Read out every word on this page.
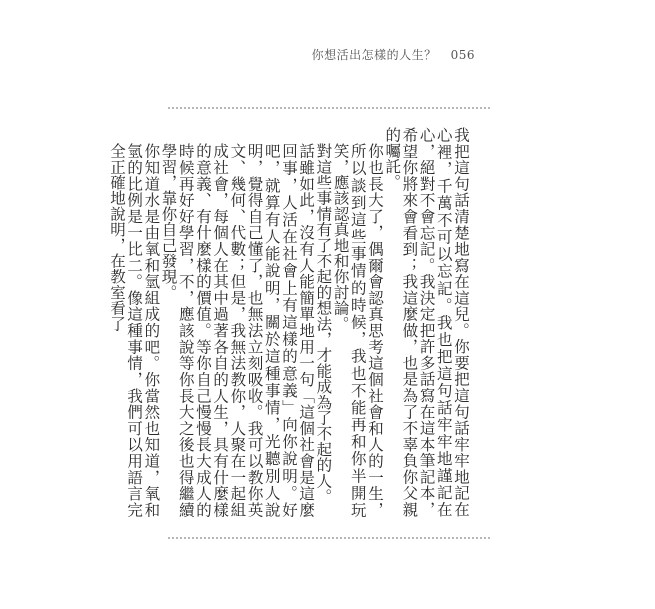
你想活出怎樣的人生？ 056

我把這句話清楚地寫在這兒。你要把這句話牢牢地記在心裡，千萬不可以忘記。我也把這句話牢牢地謹記在心，絕對不會忘記。我決定把許多話寫在這本筆記本，希望你將來會看到；我這麼做，也是為了不辜負你父親的囑託。

你也長大了，偶爾會認真思考這個社會和人的一生，所以談到這些事情的時候，我也不能再和你半開玩笑，應該認真地和你討論。

對這些事情有了不起的想法，才能成為了不起的人。

話雖如此，沒有人能簡單地用一句「這個社會是這麼回事，人活在社會上有這樣的意義」向你說明。好吧，就算有人能說明，關於這種事情，光聽別人說明，覺得自己懂了，也無法立刻吸收。我可以教你英文、幾何、代數；但是，我無法教你，人聚在一起組成社會，每個人在其中過著各自的人生，具有什麼樣的意義、有什麼樣的價值。等你自己慢慢長大成人的時候再好好學習，不，應該說等你長大之後也得繼續學習，靠你自己發現。

你知道水是由氧和氫組成的吧。你當然也知道，氧和氫的比例是一比二。像這種事情，我們可以用語言完全正確地說明，在教室看了
